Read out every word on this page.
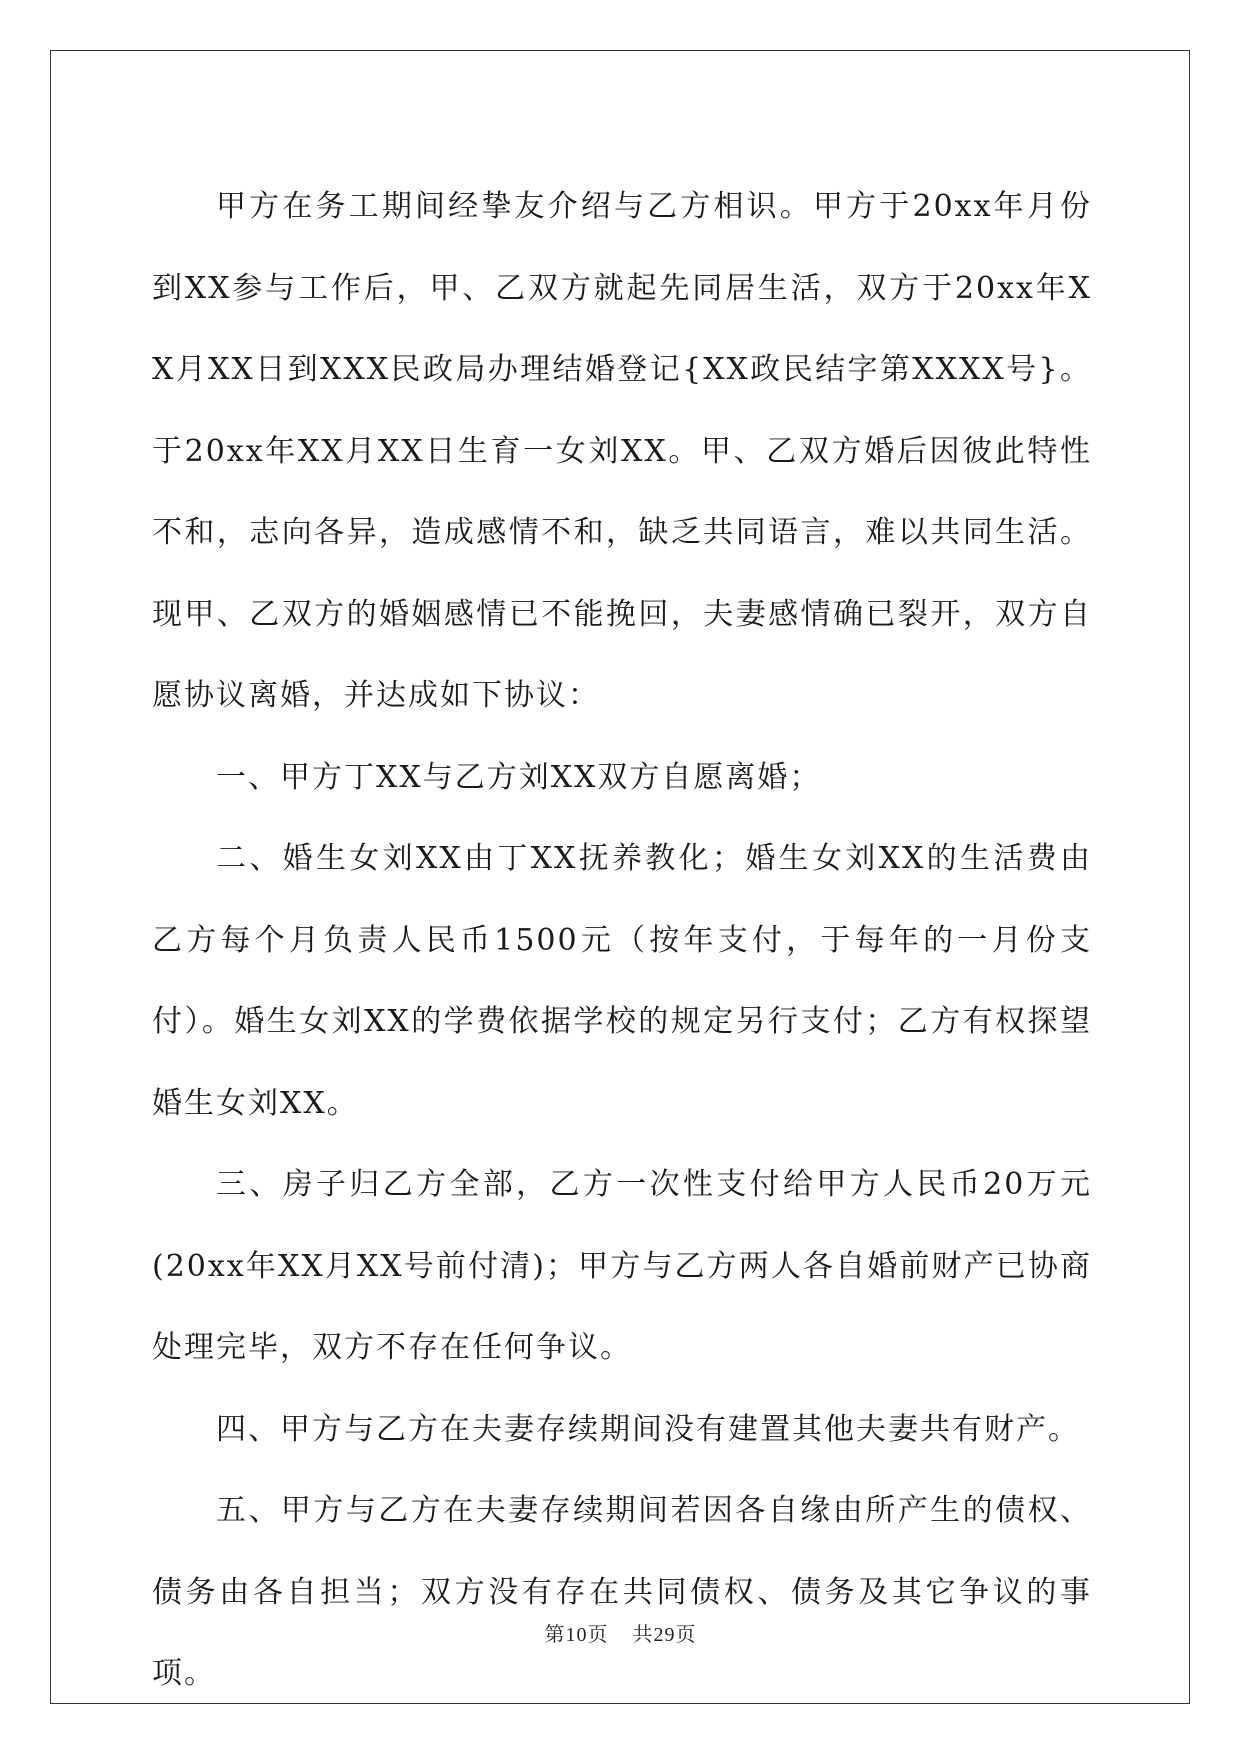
甲方在务工期间经挚友介绍与乙方相识。甲方于20xx年月份到XX参与工作后，甲、乙双方就起先同居生活，双方于20xx年XX月XX日到XXX民政局办理结婚登记{XX政民结字第XXXX号}。于20xx年XX月XX日生育一女刘XX。甲、乙双方婚后因彼此特性不和，志向各异，造成感情不和，缺乏共同语言，难以共同生活。现甲、乙双方的婚姻感情已不能挽回，夫妻感情确已裂开，双方自愿协议离婚，并达成如下协议：

一、甲方丁XX与乙方刘XX双方自愿离婚；

二、婚生女刘XX由丁XX抚养教化；婚生女刘XX的生活费由乙方每个月负责人民币1500元（按年支付，于每年的一月份支付）。婚生女刘XX的学费依据学校的规定另行支付；乙方有权探望婚生女刘XX。

三、房子归乙方全部，乙方一次性支付给甲方人民币20万元(20xx年XX月XX号前付清)；甲方与乙方两人各自婚前财产已协商处理完毕，双方不存在任何争议。

四、甲方与乙方在夫妻存续期间没有建置其他夫妻共有财产。

五、甲方与乙方在夫妻存续期间若因各自缘由所产生的债权、债务由各自担当；双方没有存在共同债权、债务及其它争议的事项。

第10页    共29页
